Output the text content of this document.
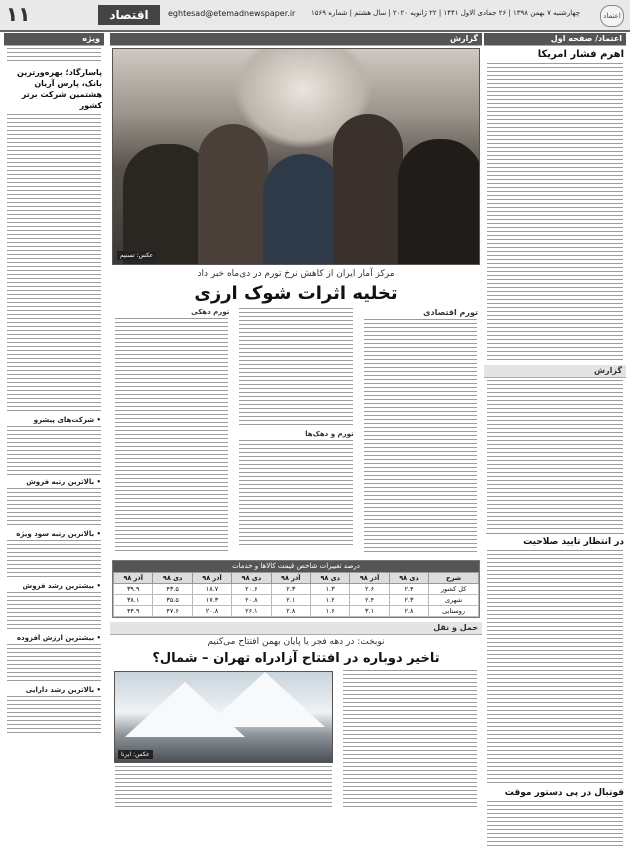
۱۱	اقتصاد	eghtesad@etemadnewspaper.ir	چهارشنبه ۷ بهمن ۱۳۹۸ | ۲۶ جمادی الاول ۱۴۴۱ | ۲۲ ژانویه ۲۰۲۰ | سال هشتم | شماره ۱۵۶۹	اعتماد
اعتماد/ صفحه اول
اهرم فشار امریکا
گزارش
در انتظار تایید صلاحیت
فوتبال در پی دستور موقت
ویژه
پاسارگاد؛ بهره‌ورترین بانک، پارس آریان هشتمین شرکت برتر کشور
• شرکت‌های پیشرو
• بالاترین رتبه فروش
• بالاترین رتبه سود ویژه
• بیشترین رشد فروش
• بیشترین ارزش افزوده
• بالاترین رشد دارایی
گزارش
عکس: تسنیم
مرکز آمار ایران از کاهش نرخ تورم در دی‌ماه خبر داد
تخلیه اثرات شوک ارزی
تورم اقتصادی
تورم و دهک‌ها
تورم دهکی
درصد تغییرات شاخص قیمت کالاها و خدمات
شرح	دی ۹۸	آذر ۹۸	دی ۹۸	آذر ۹۸	دی ۹۸	آذر ۹۸	دی ۹۸	آذر ۹۸
کل کشور	۲.۴	۲.۶	۱.۳	۲.۳	۲۰.۶	۱۸.۷	۴۳.۵	۳۹.۹
شهری	۲.۳	۲.۴	۱.۲	۲.۱	۲۰.۸	۱۷.۳	۳۵.۵	۳۸.۱
روستایی	۲.۸	۳.۱	۱.۶	۲.۸	۲۶.۱	۲۰.۸	۴۷.۶	۴۴.۹
حمل و نقل
نوبخت: در دهه فجر یا پایان بهمن افتتاح می‌کنیم
تاخیر دوباره در افتتاح آزادراه تهران – شمال؟
عکس: ایرنا
